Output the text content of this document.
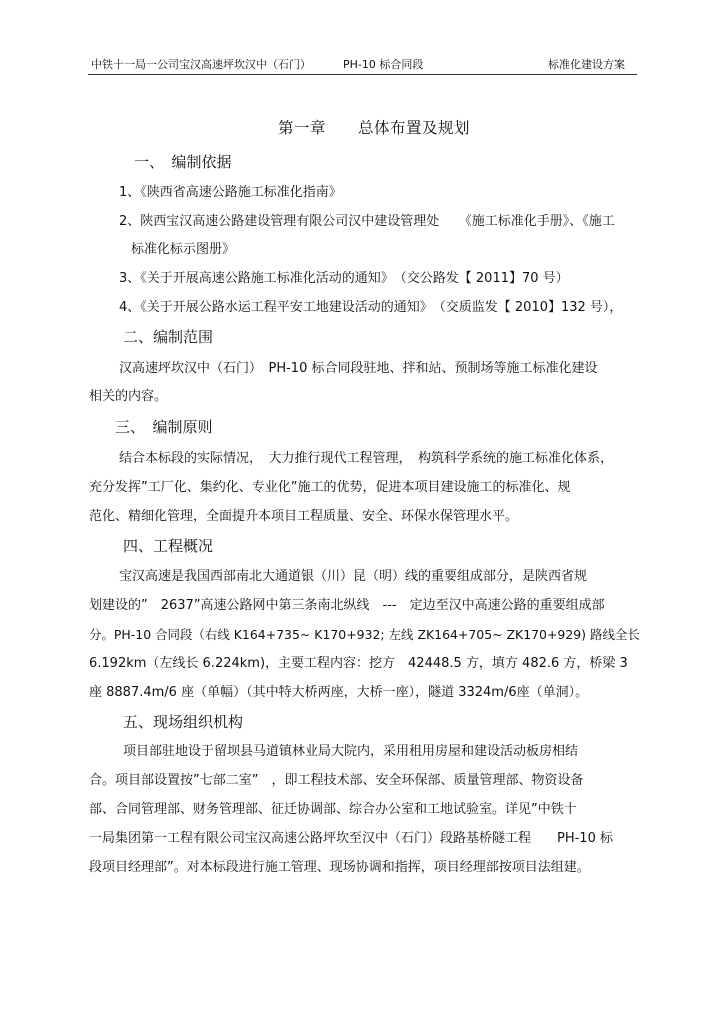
中铁十一局一公司宝汉高速坪坎汉中（石门）	PH-10 标合同段	标准化建设方案
第一章　　总体布置及规划
一、　编制依据
1、《陕西省高速公路施工标准化指南》
2、陕西宝汉高速公路建设管理有限公司汉中建设管理处　　《施工标准化手册》、《施工
标准化标示图册》
3、《关于开展高速公路施工标准化活动的通知》　（交公路发【 2011】70 号）
4、《关于开展公路水运工程平安工地建设活动的通知》　（交质监发【 2010】132 号），
二、编制范围
汉高速坪坎汉中（石门）　PH-10 标合同段驻地、拌和站、预制场等施工标准化建设
相关的内容。
三、　编制原则
结合本标段的实际情况，　大力推行现代工程管理，　构筑科学系统的施工标准化体系，
充分发挥”工厂化、集约化、专业化”施工的优势，促进本项目建设施工的标准化、规
范化、精细化管理，全面提升本项目工程质量、安全、环保水保管理水平。
四、工程概况
宝汉高速是我国西部南北大通道银（川）昆（明）线的重要组成部分，是陕西省规
划建设的”　2637”高速公路网中第三条南北纵线　---　定边至汉中高速公路的重要组成部
分。PH-10 合同段（右线 K164+735~ K170+932; 左线 ZK164+705~ ZK170+929) 路线全长
6.192km（左线长 6.224km)，主要工程内容：挖方　42448.5 方，填方 482.6 方，桥梁 3
座 8887.4m/6 座（单幅）（其中特大桥两座，大桥一座），隧道 3324m/6座（单洞）。
五、现场组织机构
项目部驻地设于留坝县马道镇林业局大院内，采用租用房屋和建设活动板房相结
合。项目部设置按”七部二室”　，即工程技术部、安全环保部、质量管理部、物资设备
部、合同管理部、财务管理部、征迁协调部、综合办公室和工地试验室。详见”中铁十
一局集团第一工程有限公司宝汉高速公路坪坎至汉中（石门）段路基桥隧工程　　PH-10 标
段项目经理部”。对本标段进行施工管理、现场协调和指挥，项目经理部按项目法组建。
